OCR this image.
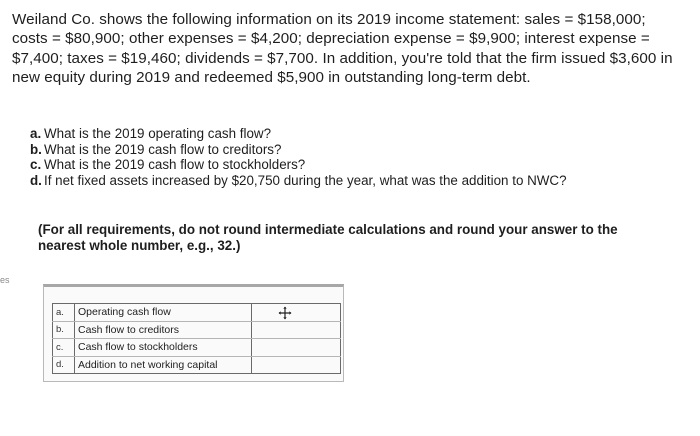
Weiland Co. shows the following information on its 2019 income statement: sales = $158,000; costs = $80,900; other expenses = $4,200; depreciation expense = $9,900; interest expense = $7,400; taxes = $19,460; dividends = $7,700. In addition, you're told that the firm issued $3,600 in new equity during 2019 and redeemed $5,900 in outstanding long-term debt.

a. What is the 2019 operating cash flow?
b. What is the 2019 cash flow to creditors?
c. What is the 2019 cash flow to stockholders?
d. If net fixed assets increased by $20,750 during the year, what was the addition to NWC?
(For all requirements, do not round intermediate calculations and round your answer to the nearest whole number, e.g., 32.)
es
a.	Operating cash flow	
b.	Cash flow to creditors	
c.	Cash flow to stockholders	
d.	Addition to net working capital	
